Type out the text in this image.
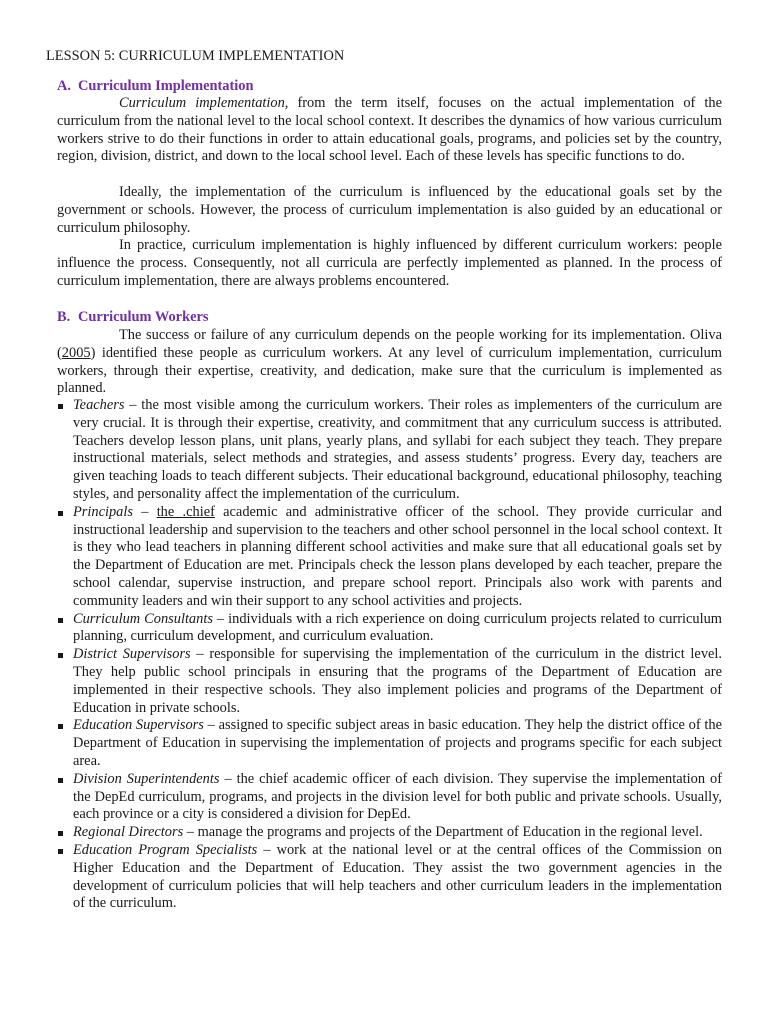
LESSON 5: CURRICULUM IMPLEMENTATION
A. Curriculum Implementation

Curriculum implementation, from the term itself, focuses on the actual implementation of the curriculum from the national level to the local school context. It describes the dynamics of how various curriculum workers strive to do their functions in order to attain educational goals, programs, and policies set by the country, region, division, district, and down to the local school level. Each of these levels has specific functions to do.

Ideally, the implementation of the curriculum is influenced by the educational goals set by the government or schools. However, the process of curriculum implementation is also guided by an educational or curriculum philosophy.

In practice, curriculum implementation is highly influenced by different curriculum workers: people influence the process. Consequently, not all curricula are perfectly implemented as planned. In the process of curriculum implementation, there are always problems encountered.

B. Curriculum Workers

The success or failure of any curriculum depends on the people working for its implementation. Oliva (2005) identified these people as curriculum workers. At any level of curriculum implementation, curriculum workers, through their expertise, creativity, and dedication, make sure that the curriculum is implemented as planned.

Teachers – the most visible among the curriculum workers. Their roles as implementers of the curriculum are very crucial. It is through their expertise, creativity, and commitment that any curriculum success is attributed. Teachers develop lesson plans, unit plans, yearly plans, and syllabi for each subject they teach. They prepare instructional materials, select methods and strategies, and assess students’ progress. Every day, teachers are given teaching loads to teach different subjects. Their educational background, educational philosophy, teaching styles, and personality affect the implementation of the curriculum.
Principals – the .chief academic and administrative officer of the school. They provide curricular and instructional leadership and supervision to the teachers and other school personnel in the local school context. It is they who lead teachers in planning different school activities and make sure that all educational goals set by the Department of Education are met. Principals check the lesson plans developed by each teacher, prepare the school calendar, supervise instruction, and prepare school report. Principals also work with parents and community leaders and win their support to any school activities and projects.
Curriculum Consultants – individuals with a rich experience on doing curriculum projects related to curriculum planning, curriculum development, and curriculum evaluation.
District Supervisors – responsible for supervising the implementation of the curriculum in the district level. They help public school principals in ensuring that the programs of the Department of Education are implemented in their respective schools. They also implement policies and programs of the Department of Education in private schools.
Education Supervisors – assigned to specific subject areas in basic education. They help the district office of the Department of Education in supervising the implementation of projects and programs specific for each subject area.
Division Superintendents – the chief academic officer of each division. They supervise the implementation of the DepEd curriculum, programs, and projects in the division level for both public and private schools. Usually, each province or a city is considered a division for DepEd.
Regional Directors – manage the programs and projects of the Department of Education in the regional level.
Education Program Specialists – work at the national level or at the central offices of the Commission on Higher Education and the Department of Education. They assist the two government agencies in the development of curriculum policies that will help teachers and other curriculum leaders in the implementation of the curriculum.
